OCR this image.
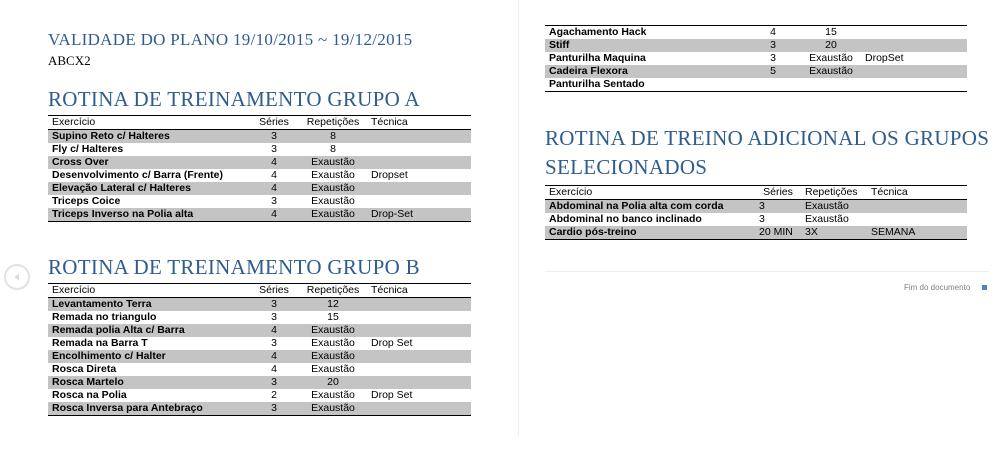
VALIDADE DO PLANO 19/10/2015 ~ 19/12/2015
ABCX2
ROTINA DE TREINAMENTO GRUPO A
Exercício	Séries	Repetições	Técnica
Supino Reto c/ Halteres	3	8	
Fly c/ Halteres	3	8	
Cross Over	4	Exaustão	
Desenvolvimento c/ Barra (Frente)	4	Exaustão	Dropset
Elevação Lateral c/ Halteres	4	Exaustão	
Triceps Coice	3	Exaustão	
Triceps Inverso na Polia alta	4	Exaustão	Drop-Set
ROTINA DE TREINAMENTO GRUPO B
Exercício	Séries	Repetições	Técnica
Levantamento Terra	3	12	
Remada no triangulo	3	15	
Remada polia Alta c/ Barra	4	Exaustão	
Remada na Barra T	3	Exaustão	Drop Set
Encolhimento c/ Halter	4	Exaustão	
Rosca Direta	4	Exaustão	
Rosca Martelo	3	20	
Rosca na Polia	2	Exaustão	Drop Set
Rosca Inversa para Antebraço	3	Exaustão	
Agachamento Hack	4	15	
Stiff	3	20	
Panturilha Maquina	3	Exaustão	DropSet
Cadeira Flexora	5	Exaustão	
Panturilha Sentado			
ROTINA DE TREINO ADICIONAL OS GRUPOS
SELECIONADOS
Exercício	Séries	Repetições	Técnica
Abdominal na Polia alta com corda	3	Exaustão	
Abdominal no banco inclinado	3	Exaustão	
Cardio pós-treino	20 MIN	3X	SEMANA
Fim do documento
